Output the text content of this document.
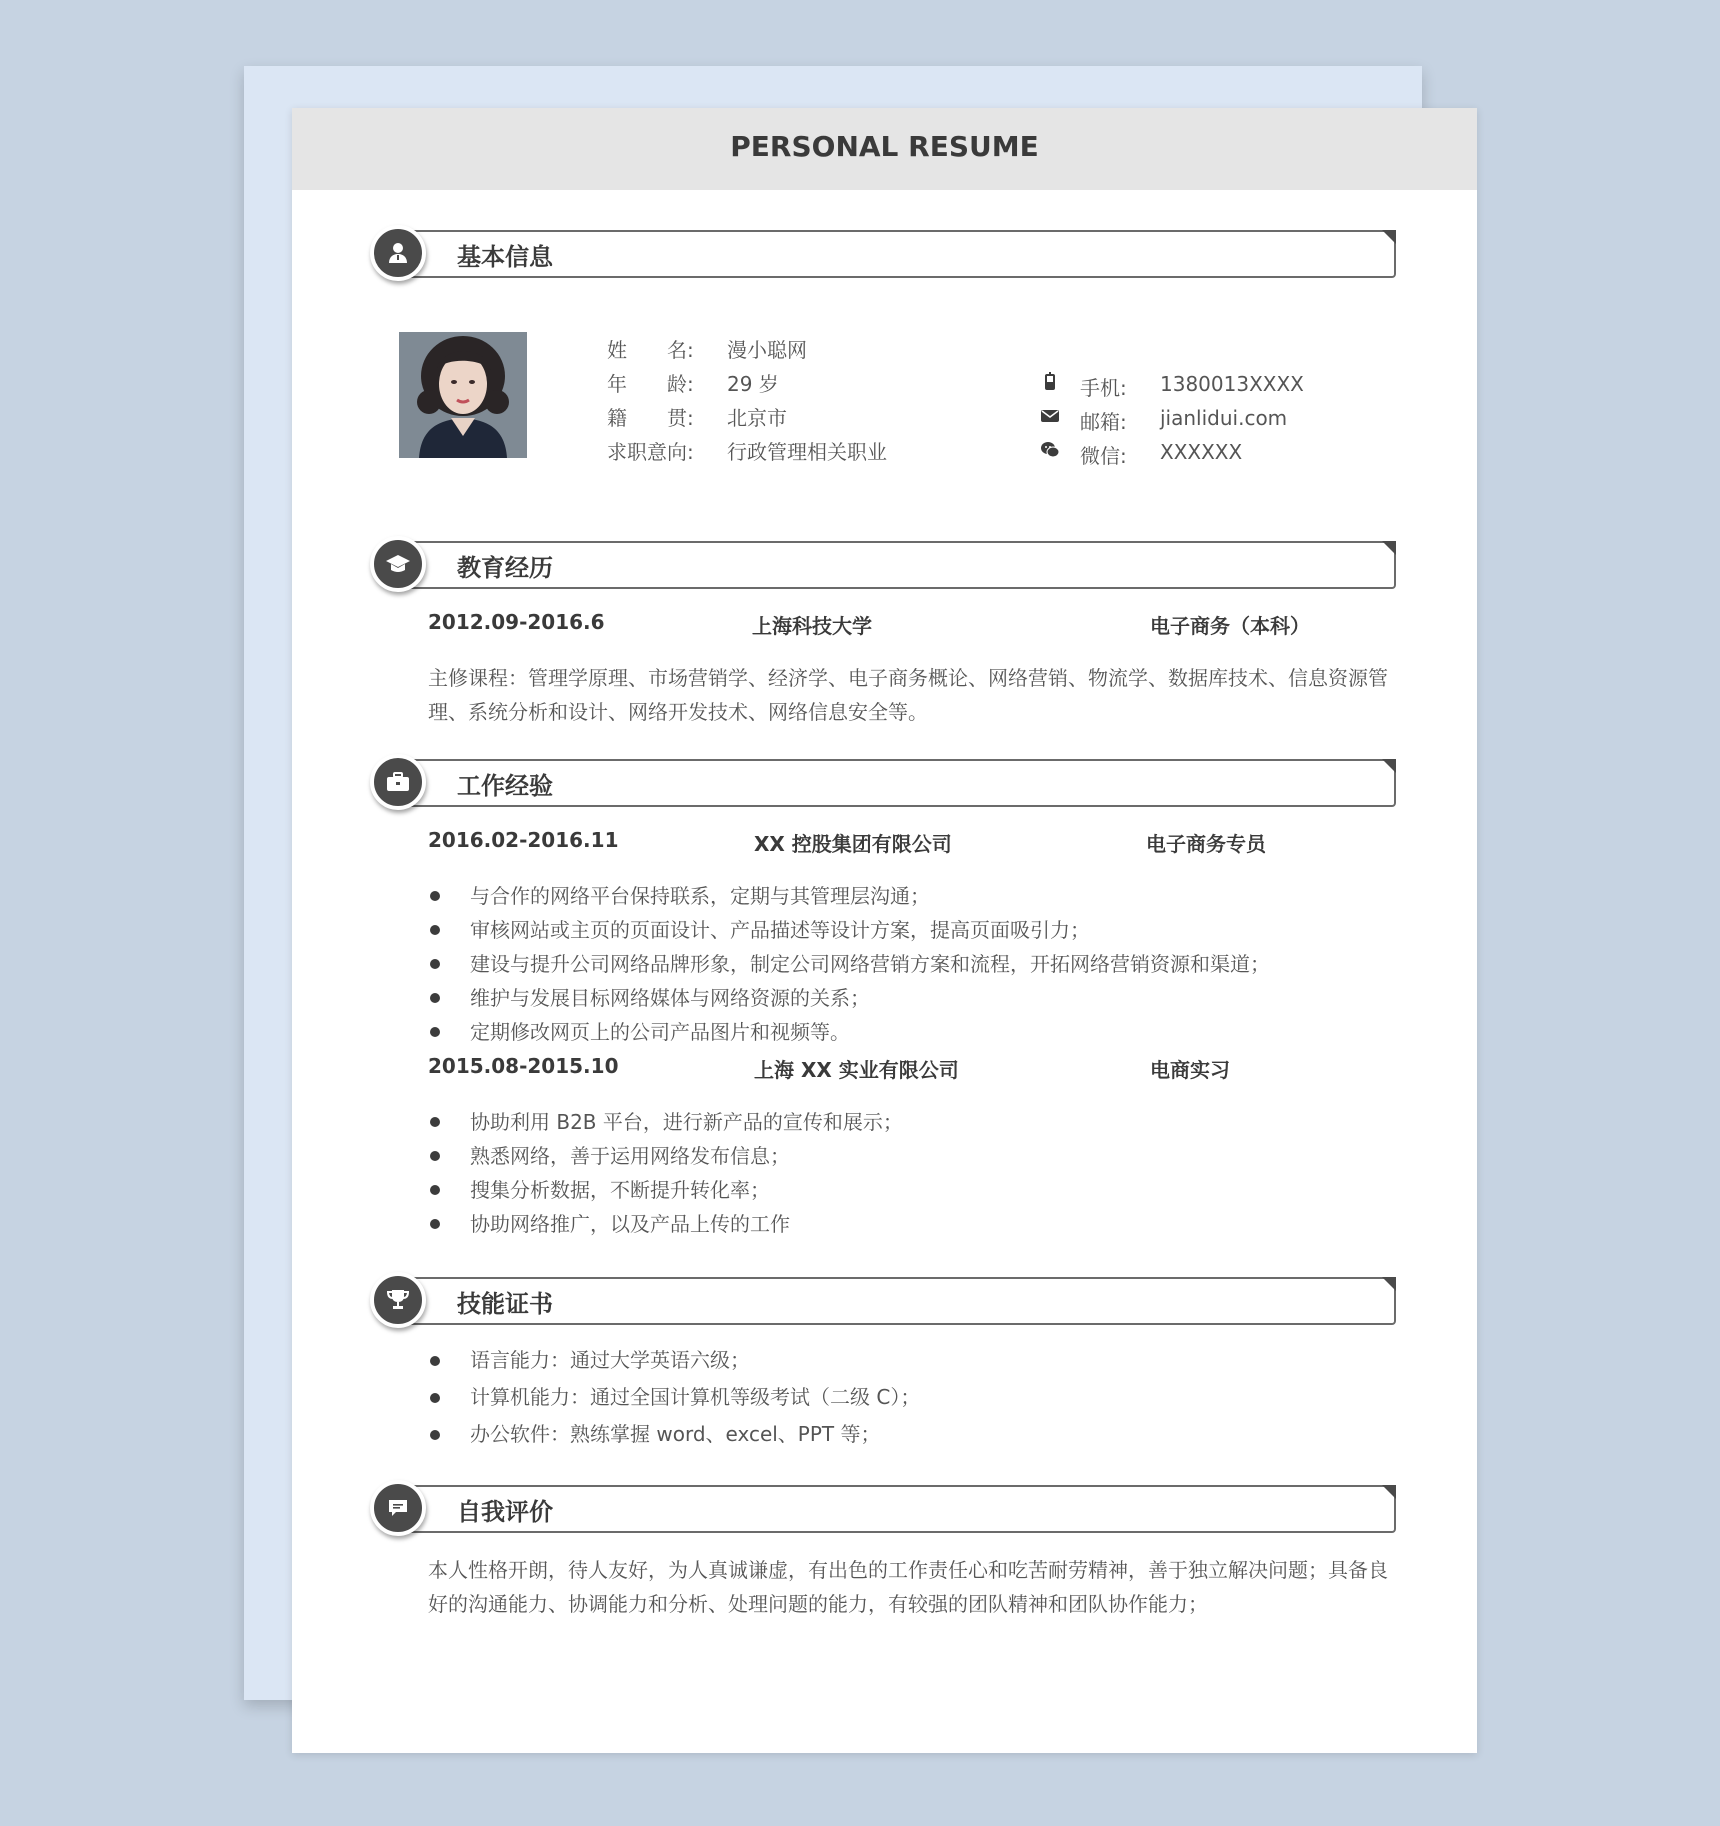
PERSONAL RESUME
基本信息
姓　　名: 漫小聪网
年　　龄: 29 岁
籍　　贯: 北京市
求职意向: 行政管理相关职业
手机: 1380013XXXX
邮箱: jianlidui.com
微信: XXXXXX
教育经历
2012.09-2016.6	上海科技大学	电子商务（本科）
主修课程：管理学原理、市场营销学、经济学、电子商务概论、网络营销、物流学、数据库技术、信息资源管理、系统分析和设计、网络开发技术、网络信息安全等。
工作经验
2016.02-2016.11	XX 控股集团有限公司	电子商务专员
与合作的网络平台保持联系，定期与其管理层沟通；
审核网站或主页的页面设计、产品描述等设计方案，提高页面吸引力；
建设与提升公司网络品牌形象，制定公司网络营销方案和流程，开拓网络营销资源和渠道；
维护与发展目标网络媒体与网络资源的关系；
定期修改网页上的公司产品图片和视频等。
2015.08-2015.10	上海 XX 实业有限公司	电商实习
协助利用 B2B 平台，进行新产品的宣传和展示；
熟悉网络，善于运用网络发布信息；
搜集分析数据，不断提升转化率；
协助网络推广，以及产品上传的工作
技能证书
语言能力：通过大学英语六级；
计算机能力：通过全国计算机等级考试（二级 C）；
办公软件：熟练掌握 word、excel、PPT 等；
自我评价
本人性格开朗，待人友好，为人真诚谦虚，有出色的工作责任心和吃苦耐劳精神，善于独立解决问题；具备良好的沟通能力、协调能力和分析、处理问题的能力，有较强的团队精神和团队协作能力；
